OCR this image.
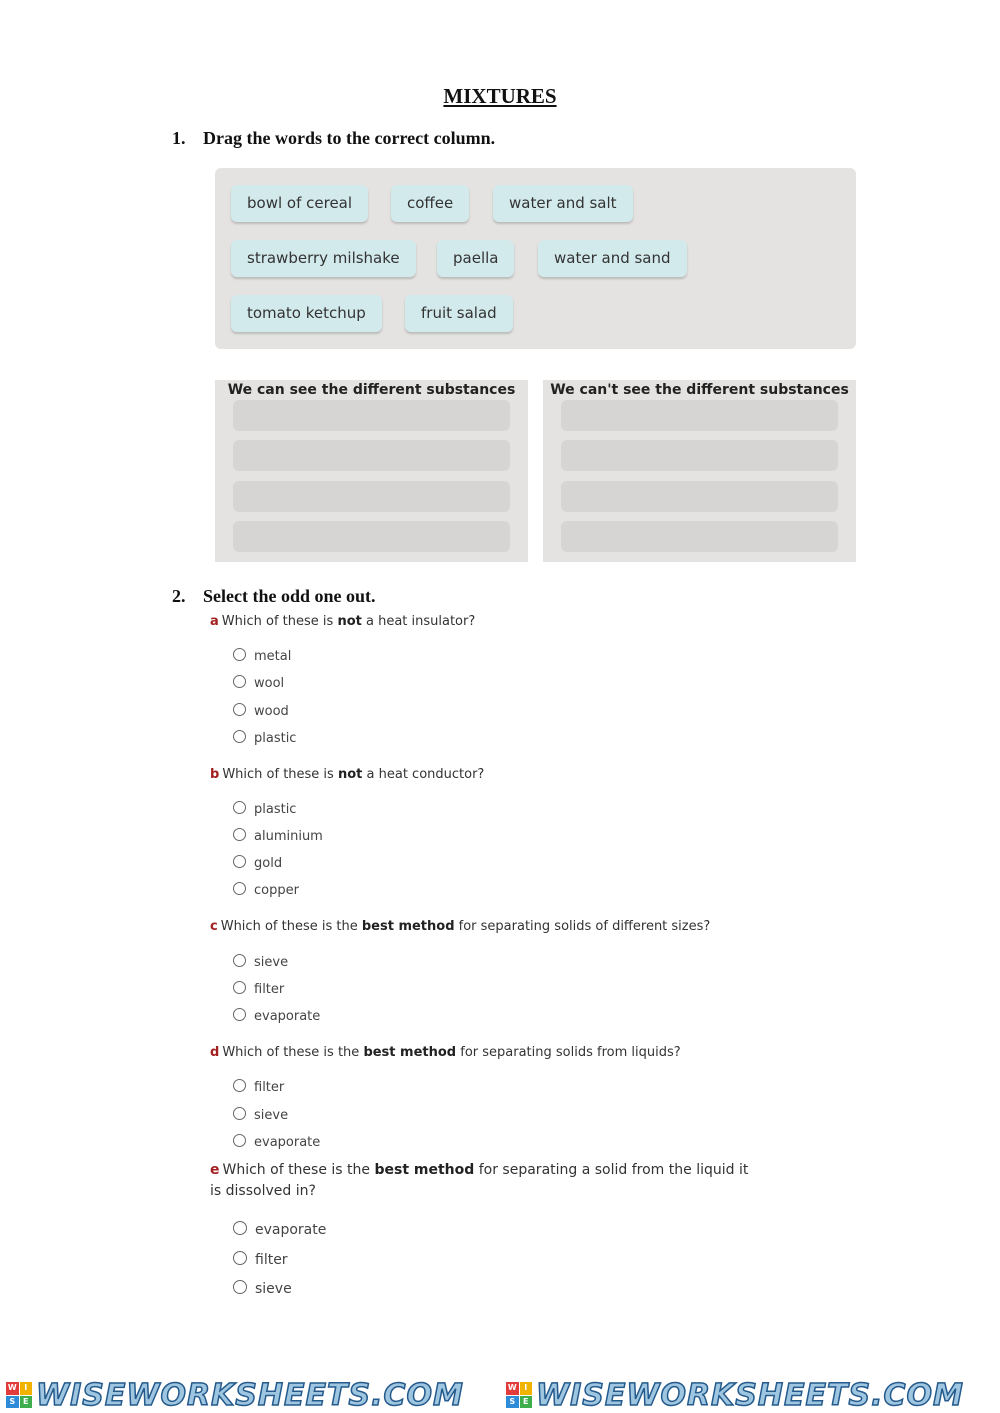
MIXTURES
1. Drag the words to the correct column.
bowl of cereal	coffee	water and salt
strawberry milshake	paella	water and sand
tomato ketchup	fruit salad
We can see the different substances	We can't see the different substances
2. Select the odd one out.
a Which of these is not a heat insulator?
metal
wool
wood
plastic
b Which of these is not a heat conductor?
plastic
aluminium
gold
copper
c Which of these is the best method for separating solids of different sizes?
sieve
filter
evaporate
d Which of these is the best method for separating solids from liquids?
filter
sieve
evaporate
e Which of these is the best method for separating a solid from the liquid it is dissolved in?
evaporate
filter
sieve
W I
S E WISEWORKSHEETS.COM	W I
S E WISEWORKSHEETS.COM
